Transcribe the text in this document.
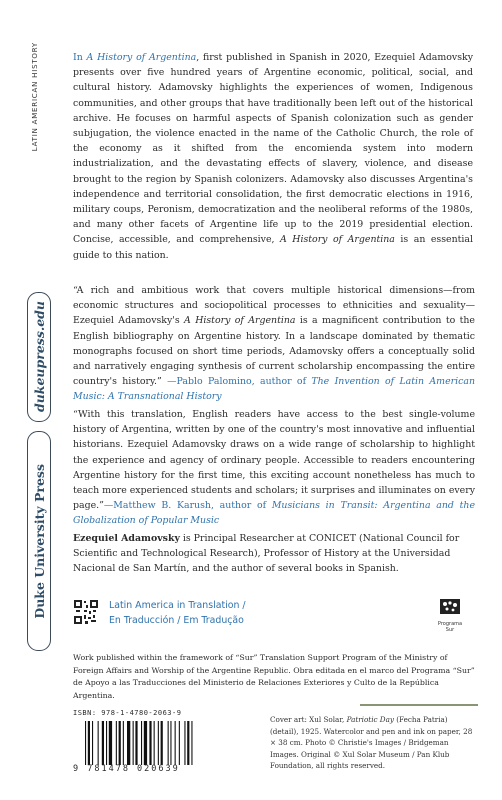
LATIN AMERICAN HISTORY
dukeupress.edu
Duke University Press

In A History of Argentina, first published in Spanish in 2020, Ezequiel Adamovsky presents over five hundred years of Argentine economic, political, social, and cultural history. Adamovsky highlights the experiences of women, Indigenous communities, and other groups that have traditionally been left out of the historical archive. He focuses on harmful aspects of Spanish colonization such as gender subjugation, the violence enacted in the name of the Catholic Church, the role of the economy as it shifted from the encomienda system into modern industrialization, and the devastating effects of slavery, violence, and disease brought to the region by Spanish colonizers. Adamovsky also discusses Argentina's independence and territorial consolidation, the first democratic elections in 1916, military coups, Peronism, democratization and the neoliberal reforms of the 1980s, and many other facets of Argentine life up to the 2019 presidential election. Concise, accessible, and comprehensive, A History of Argentina is an essential guide to this nation.

“A rich and ambitious work that covers multiple historical dimensions—from economic structures and sociopolitical processes to ethnicities and sexuality—Ezequiel Adamovsky's A History of Argentina is a magnificent contribution to the English bibliography on Argentine history. In a landscape dominated by thematic monographs focused on short time periods, Adamovsky offers a conceptually solid and narratively engaging synthesis of current scholarship encompassing the entire country's history.” —Pablo Palomino, author of The Invention of Latin American Music: A Transnational History

“With this translation, English readers have access to the best single-volume history of Argentina, written by one of the country's most innovative and influential historians. Ezequiel Adamovsky draws on a wide range of scholarship to highlight the experience and agency of ordinary people. Accessible to readers encountering Argentine history for the first time, this exciting account nonetheless has much to teach more experienced students and scholars; it surprises and illuminates on every page.”—Matthew B. Karush, author of Musicians in Transit: Argentina and the Globalization of Popular Music

Ezequiel Adamovsky is Principal Researcher at CONICET (National Council for Scientific and Technological Research), Professor of History at the Universidad Nacional de San Martín, and the author of several books in Spanish.

Latin America in Translation /
En Traducción / Em Tradução	Programa Sur

Work published within the framework of “Sur” Translation Support Program of the Ministry of Foreign Affairs and Worship of the Argentine Republic. Obra editada en el marco del Programa “Sur” de Apoyo a las Traducciones del Ministerio de Relaciones Exteriores y Culto de la República Argentina.

ISBN: 978-1-4780-2063-9
9 781478 020639

Cover art: Xul Solar, Patriotic Day (Fecha Patria) (detail), 1925. Watercolor and pen and ink on paper, 28 × 38 cm. Photo © Christie's Images / Bridgeman Images. Original © Xul Solar Museum / Pan Klub Foundation, all rights reserved.
